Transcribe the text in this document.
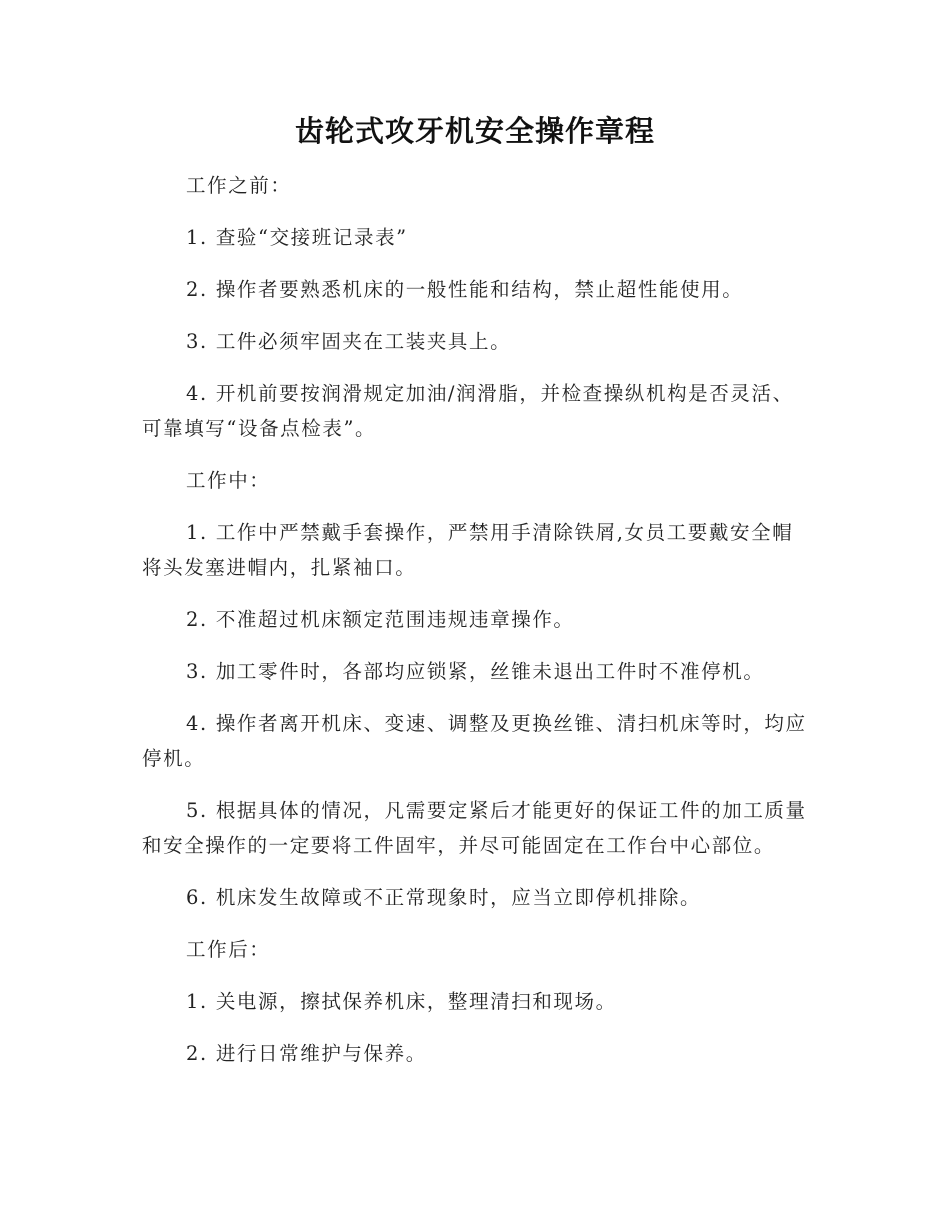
齿轮式攻牙机安全操作章程

工作之前：

1. 查验“交接班记录表”

2. 操作者要熟悉机床的一般性能和结构，禁止超性能使用。

3. 工件必须牢固夹在工装夹具上。

4. 开机前要按润滑规定加油/润滑脂，并检查操纵机构是否灵活、可靠填写“设备点检表”。

工作中：

1. 工作中严禁戴手套操作，严禁用手清除铁屑,女员工要戴安全帽将头发塞进帽内，扎紧袖口。

2. 不准超过机床额定范围违规违章操作。

3. 加工零件时，各部均应锁紧，丝锥未退出工件时不准停机。

4. 操作者离开机床、变速、调整及更换丝锥、清扫机床等时，均应停机。

5. 根据具体的情况，凡需要定紧后才能更好的保证工件的加工质量和安全操作的一定要将工件固牢，并尽可能固定在工作台中心部位。

6. 机床发生故障或不正常现象时，应当立即停机排除。

工作后：

1. 关电源，擦拭保养机床，整理清扫和现场。

2. 进行日常维护与保养。
